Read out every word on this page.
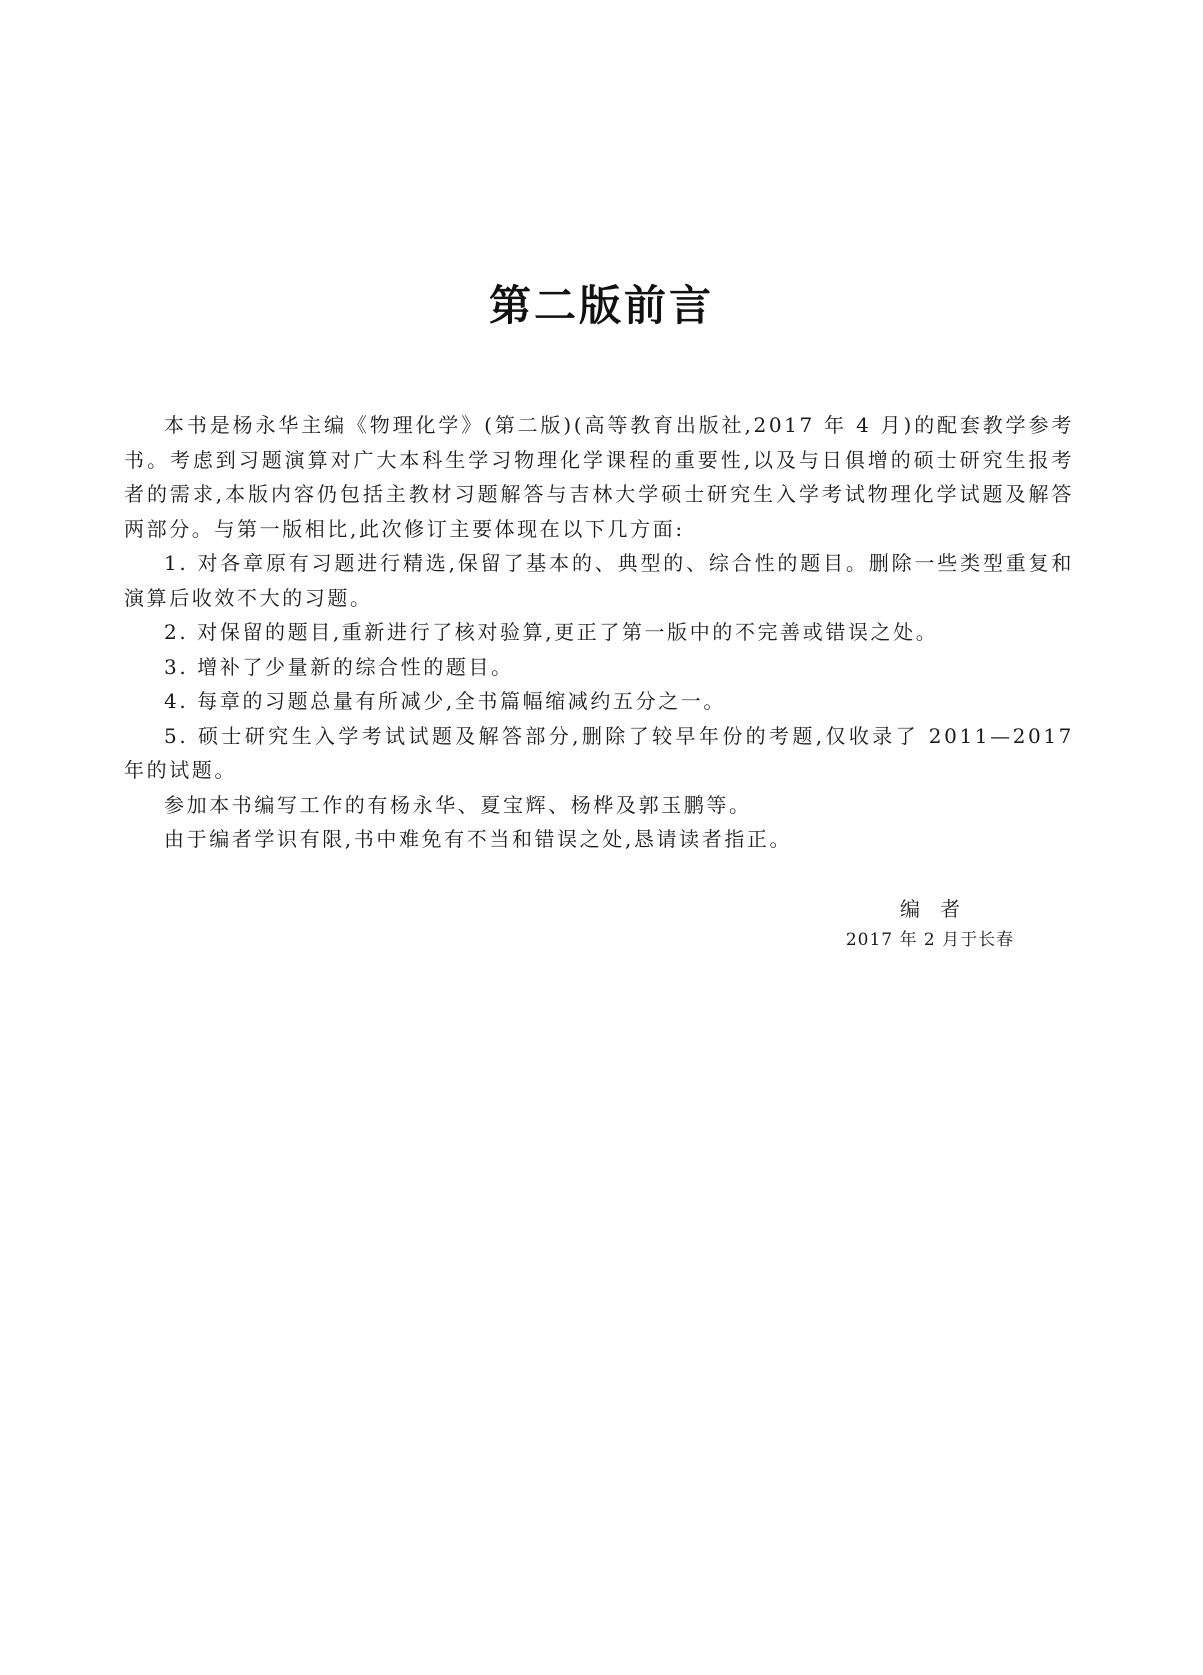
第二版前言

本书是杨永华主编《物理化学》(第二版)(高等教育出版社,2017 年 4 月)的配套教学参考书。考虑到习题演算对广大本科生学习物理化学课程的重要性,以及与日俱增的硕士研究生报考者的需求,本版内容仍包括主教材习题解答与吉林大学硕士研究生入学考试物理化学试题及解答两部分。与第一版相比,此次修订主要体现在以下几方面:

1. 对各章原有习题进行精选,保留了基本的、典型的、综合性的题目。删除一些类型重复和演算后收效不大的习题。

2. 对保留的题目,重新进行了核对验算,更正了第一版中的不完善或错误之处。

3. 增补了少量新的综合性的题目。

4. 每章的习题总量有所减少,全书篇幅缩减约五分之一。

5. 硕士研究生入学考试试题及解答部分,删除了较早年份的考题,仅收录了 2011—2017 年的试题。

参加本书编写工作的有杨永华、夏宝辉、杨桦及郭玉鹏等。

由于编者学识有限,书中难免有不当和错误之处,恳请读者指正。

编者

2017 年 2 月于长春
